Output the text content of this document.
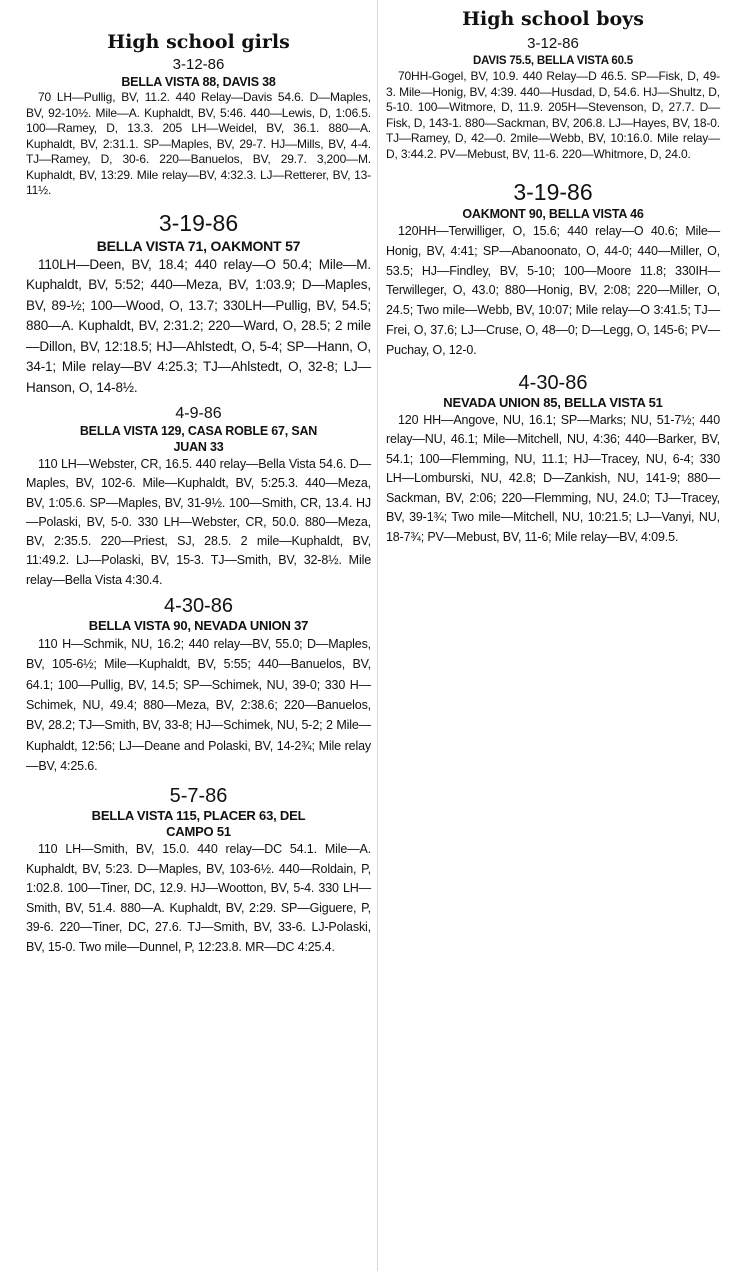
High school girls

3-12-86

BELLA VISTA 88, DAVIS 38

70 LH—Pullig, BV, 11.2. 440 Relay—Davis 54.6. D—Maples, BV, 92-10½. Mile—A. Kuphaldt, BV, 5:46. 440—Lewis, D, 1:06.5. 100—Ramey, D, 13.3. 205 LH—Weidel, BV, 36.1. 880—A. Kuphaldt, BV, 2:31.1. SP—Maples, BV, 29-7. HJ—Mills, BV, 4-4. TJ—Ramey, D, 30-6. 220—Banuelos, BV, 29.7. 3,200—M. Kuphaldt, BV, 13:29. Mile relay—BV, 4:32.3. LJ—Retterer, BV, 13-11½.

3-19-86

BELLA VISTA 71, OAKMONT 57

110LH—Deen, BV, 18.4; 440 relay—O 50.4; Mile—M. Kuphaldt, BV, 5:52; 440—Meza, BV, 1:03.9; D—Maples, BV, 89-½; 100—Wood, O, 13.7; 330LH—Pullig, BV, 54.5; 880—A. Kuphaldt, BV, 2:31.2; 220—Ward, O, 28.5; 2 mile—Dillon, BV, 12:18.5; HJ—Ahlstedt, O, 5-4; SP—Hann, O, 34-1; Mile relay—BV 4:25.3; TJ—Ahlstedt, O, 32-8; LJ—Hanson, O, 14-8½.

4-9-86

BELLA VISTA 129, CASA ROBLE 67, SAN JUAN 33

110 LH—Webster, CR, 16.5. 440 relay—Bella Vista 54.6. D—Maples, BV, 102-6. Mile—Kuphaldt, BV, 5:25.3. 440—Meza, BV, 1:05.6. SP—Maples, BV, 31-9½. 100—Smith, CR, 13.4. HJ—Polaski, BV, 5-0. 330 LH—Webster, CR, 50.0. 880—Meza, BV, 2:35.5. 220—Priest, SJ, 28.5. 2 mile—Kuphaldt, BV, 11:49.2. LJ—Polaski, BV, 15-3. TJ—Smith, BV, 32-8½. Mile relay—Bella Vista 4:30.4.

4-30-86

BELLA VISTA 90, NEVADA UNION 37

110 H—Schmik, NU, 16.2; 440 relay—BV, 55.0; D—Maples, BV, 105-6½; Mile—Kuphaldt, BV, 5:55; 440—Banuelos, BV, 64.1; 100—Pullig, BV, 14.5; SP—Schimek, NU, 39-0; 330 H—Schimek, NU, 49.4; 880—Meza, BV, 2:38.6; 220—Banuelos, BV, 28.2; TJ—Smith, BV, 33-8; HJ—Schimek, NU, 5-2; 2 Mile—Kuphaldt, 12:56; LJ—Deane and Polaski, BV, 14-2¾; Mile relay—BV, 4:25.6.

5-7-86

BELLA VISTA 115, PLACER 63, DEL CAMPO 51

110 LH—Smith, BV, 15.0. 440 relay—DC 54.1. Mile—A. Kuphaldt, BV, 5:23. D—Maples, BV, 103-6½. 440—Roldain, P, 1:02.8. 100—Tiner, DC, 12.9. HJ—Wootton, BV, 5-4. 330 LH—Smith, BV, 51.4. 880—A. Kuphaldt, BV, 2:29. SP—Giguere, P, 39-6. 220—Tiner, DC, 27.6. TJ—Smith, BV, 33-6. LJ-Polaski, BV, 15-0. Two mile—Dunnel, P, 12:23.8. MR—DC 4:25.4.

High school boys

3-12-86

DAVIS 75.5, BELLA VISTA 60.5

70HH-Gogel, BV, 10.9. 440 Relay—D 46.5. SP—Fisk, D, 49-3. Mile—Honig, BV, 4:39. 440—Husdad, D, 54.6. HJ—Shultz, D, 5-10. 100—Witmore, D, 11.9. 205H—Stevenson, D, 27.7. D—Fisk, D, 143-1. 880—Sackman, BV, 206.8. LJ—Hayes, BV, 18-0. TJ—Ramey, D, 42—0. 2mile—Webb, BV, 10:16.0. Mile relay—D, 3:44.2. PV—Mebust, BV, 11-6. 220—Whitmore, D, 24.0.

3-19-86

OAKMONT 90, BELLA VISTA 46

120HH—Terwilliger, O, 15.6; 440 relay—O 40.6; Mile—Honig, BV, 4:41; SP—Abanoonato, O, 44-0; 440—Miller, O, 53.5; HJ—Findley, BV, 5-10; 100—Moore 11.8; 330IH—Terwilleger, O, 43.0; 880—Honig, BV, 2:08; 220—Miller, O, 24.5; Two mile—Webb, BV, 10:07; Mile relay—O 3:41.5; TJ—Frei, O, 37.6; LJ—Cruse, O, 48—0; D—Legg, O, 145-6; PV—Puchay, O, 12-0.

4-30-86

NEVADA UNION 85, BELLA VISTA 51

120 HH—Angove, NU, 16.1; SP—Marks; NU, 51-7½; 440 relay—NU, 46.1; Mile—Mitchell, NU, 4:36; 440—Barker, BV, 54.1; 100—Flemming, NU, 11.1; HJ—Tracey, NU, 6-4; 330 LH—Lomburski, NU, 42.8; D—Zankish, NU, 141-9; 880—Sackman, BV, 2:06; 220—Flemming, NU, 24.0; TJ—Tracey, BV, 39-1¾; Two mile—Mitchell, NU, 10:21.5; LJ—Vanyi, NU, 18-7¾; PV—Mebust, BV, 11-6; Mile relay—BV, 4:09.5.
